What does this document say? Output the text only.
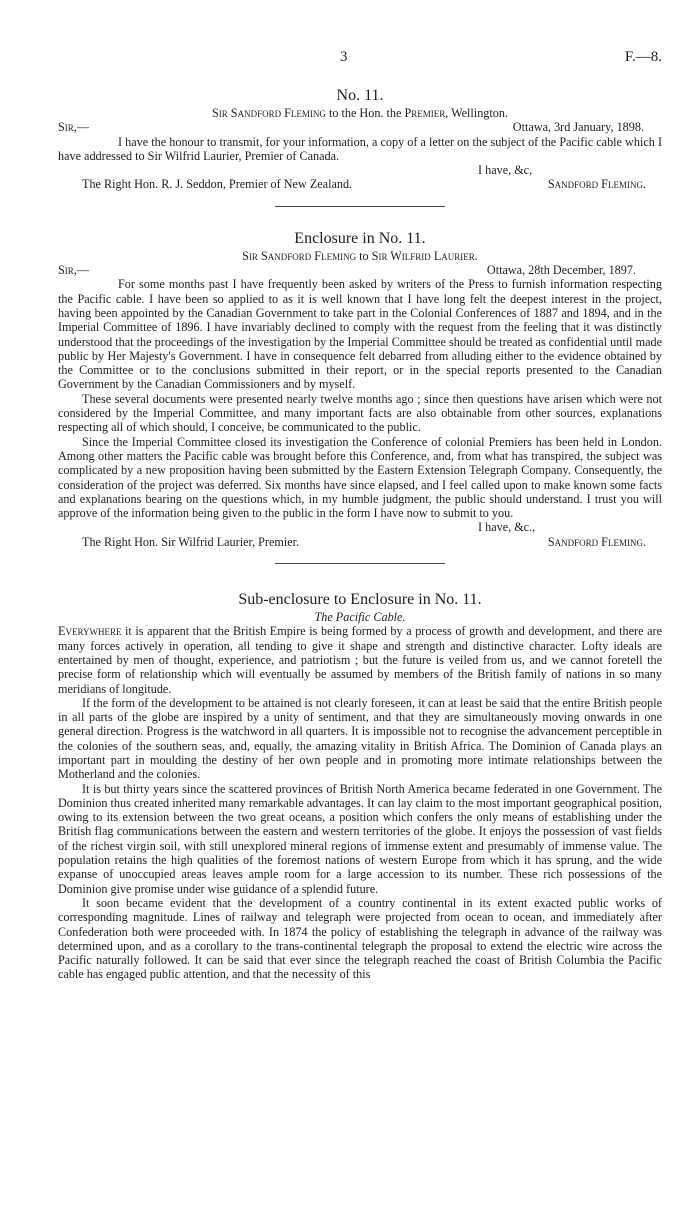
3	F.—8.
No. 11.
Sir Sandford Fleming to the Hon. the Premier, Wellington.
Sir,—	Ottawa, 3rd January, 1898.

I have the honour to transmit, for your information, a copy of a letter on the subject of the Pacific cable which I have addressed to Sir Wilfrid Laurier, Premier of Canada.

I have, &c,
The Right Hon. R. J. Seddon, Premier of New Zealand.	Sandford Fleming.
Enclosure in No. 11.
Sir Sandford Fleming to Sir Wilfrid Laurier.
Sir,—	Ottawa, 28th December, 1897.

For some months past I have frequently been asked by writers of the Press to furnish information respecting the Pacific cable. I have been so applied to as it is well known that I have long felt the deepest interest in the project, having been appointed by the Canadian Government to take part in the Colonial Conferences of 1887 and 1894, and in the Imperial Committee of 1896. I have invariably declined to comply with the request from the feeling that it was distinctly understood that the proceedings of the investigation by the Imperial Committee should be treated as confidential until made public by Her Majesty's Government. I have in consequence felt debarred from alluding either to the evidence obtained by the Committee or to the conclusions submitted in their report, or in the special reports presented to the Canadian Government by the Canadian Commissioners and by myself.

These several documents were presented nearly twelve months ago ; since then questions have arisen which were not considered by the Imperial Committee, and many important facts are also obtainable from other sources, explanations respecting all of which should, I conceive, be communicated to the public.

Since the Imperial Committee closed its investigation the Conference of colonial Premiers has been held in London. Among other matters the Pacific cable was brought before this Conference, and, from what has transpired, the subject was complicated by a new proposition having been submitted by the Eastern Extension Telegraph Company. Consequently, the consideration of the project was deferred. Six months have since elapsed, and I feel called upon to make known some facts and explanations bearing on the questions which, in my humble judgment, the public should understand. I trust you will approve of the information being given to the public in the form I have now to submit to you.

I have, &c.,
The Right Hon. Sir Wilfrid Laurier, Premier.	Sandford Fleming.
Sub-enclosure to Enclosure in No. 11.
The Pacific Cable.

Everywhere it is apparent that the British Empire is being formed by a process of growth and development, and there are many forces actively in operation, all tending to give it shape and strength and distinctive character. Lofty ideals are entertained by men of thought, experience, and patriotism ; but the future is veiled from us, and we cannot foretell the precise form of relationship which will eventually be assumed by members of the British family of nations in so many meridians of longitude.

If the form of the development to be attained is not clearly foreseen, it can at least be said that the entire British people in all parts of the globe are inspired by a unity of sentiment, and that they are simultaneously moving onwards in one general direction. Progress is the watchword in all quarters. It is impossible not to recognise the advancement perceptible in the colonies of the southern seas, and, equally, the amazing vitality in British Africa. The Dominion of Canada plays an important part in moulding the destiny of her own people and in promoting more intimate relationships between the Motherland and the colonies.

It is but thirty years since the scattered provinces of British North America became federated in one Government. The Dominion thus created inherited many remarkable advantages. It can lay claim to the most important geographical position, owing to its extension between the two great oceans, a position which confers the only means of establishing under the British flag communications between the eastern and western territories of the globe. It enjoys the possession of vast fields of the richest virgin soil, with still unexplored mineral regions of immense extent and presumably of immense value. The population retains the high qualities of the foremost nations of western Europe from which it has sprung, and the wide expanse of unoccupied areas leaves ample room for a large accession to its number. These rich possessions of the Dominion give promise under wise guidance of a splendid future.

It soon became evident that the development of a country continental in its extent exacted public works of corresponding magnitude. Lines of railway and telegraph were projected from ocean to ocean, and immediately after Confederation both were proceeded with. In 1874 the policy of establishing the telegraph in advance of the railway was determined upon, and as a corollary to the trans-continental telegraph the proposal to extend the electric wire across the Pacific naturally followed. It can be said that ever since the telegraph reached the coast of British Columbia the Pacific cable has engaged public attention, and that the necessity of this
